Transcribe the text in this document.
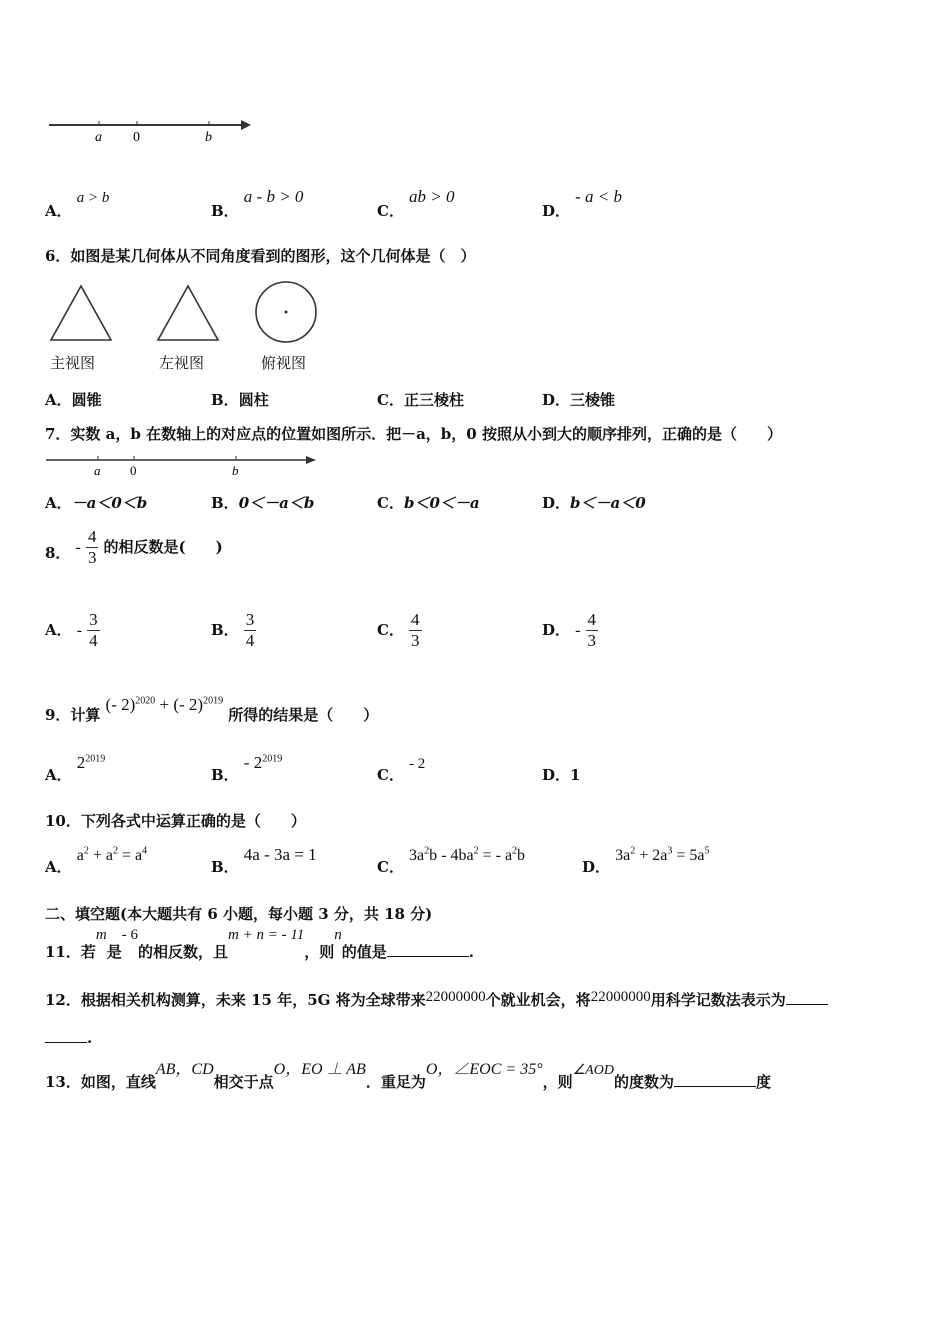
a 0	b
A． a > b
B． a - b > 0
C． ab > 0
D． - a < b
6．如图是某几何体从不同角度看到的图形，这个几何体是（　）
主视图	左视图	俯视图
A．圆锥	B．圆柱	C．正三棱柱	D．三棱锥
7．实数 a，b 在数轴上的对应点的位置如图所示．把－a，b，0 按照从小到大的顺序排列，正确的是（　　）
a 0	b
A．－a＜0＜b	B．0＜－a＜b	C．b＜0＜－a	D．b＜－a＜0
8． - $\frac{4}{3}$ 的相反数是(　　)
A． - $\frac{3}{4}$	B． $\frac{3}{4}$	C． $\frac{4}{3}$	D． - $\frac{4}{3}$
9．计算 (- 2)$^{2020}$ + (- 2)$^{2019}$ 所得的结果是（　　）
A． $2^{2019}$
B． - $2^{2019}$
C． - 2
D．1
10．下列各式中运算正确的是（　　）
A． $a^2 + a^2 = a^4$
B． 4a - 3a = 1
C． $3a^2b - 4ba^2$ = - $a^2b$
D． $3a^2 + 2a^3 = 5a^5$
二、填空题(本大题共有 6 小题，每小题 3 分，共 18 分)
11．若$^m$是$^{- 6}$的相反数，且$^{m + n = - 11}$，则$^n$的值是	.
12．根据相关机构测算，未来 15 年，5G 将为全球带来22000000个就业机会，将22000000用科学记数法表示为
.
13．如图，直线AB，CD相交于点O，EO ⊥ AB．重足为O，∠EOC = 35°，则∠AOD的度数为	度
